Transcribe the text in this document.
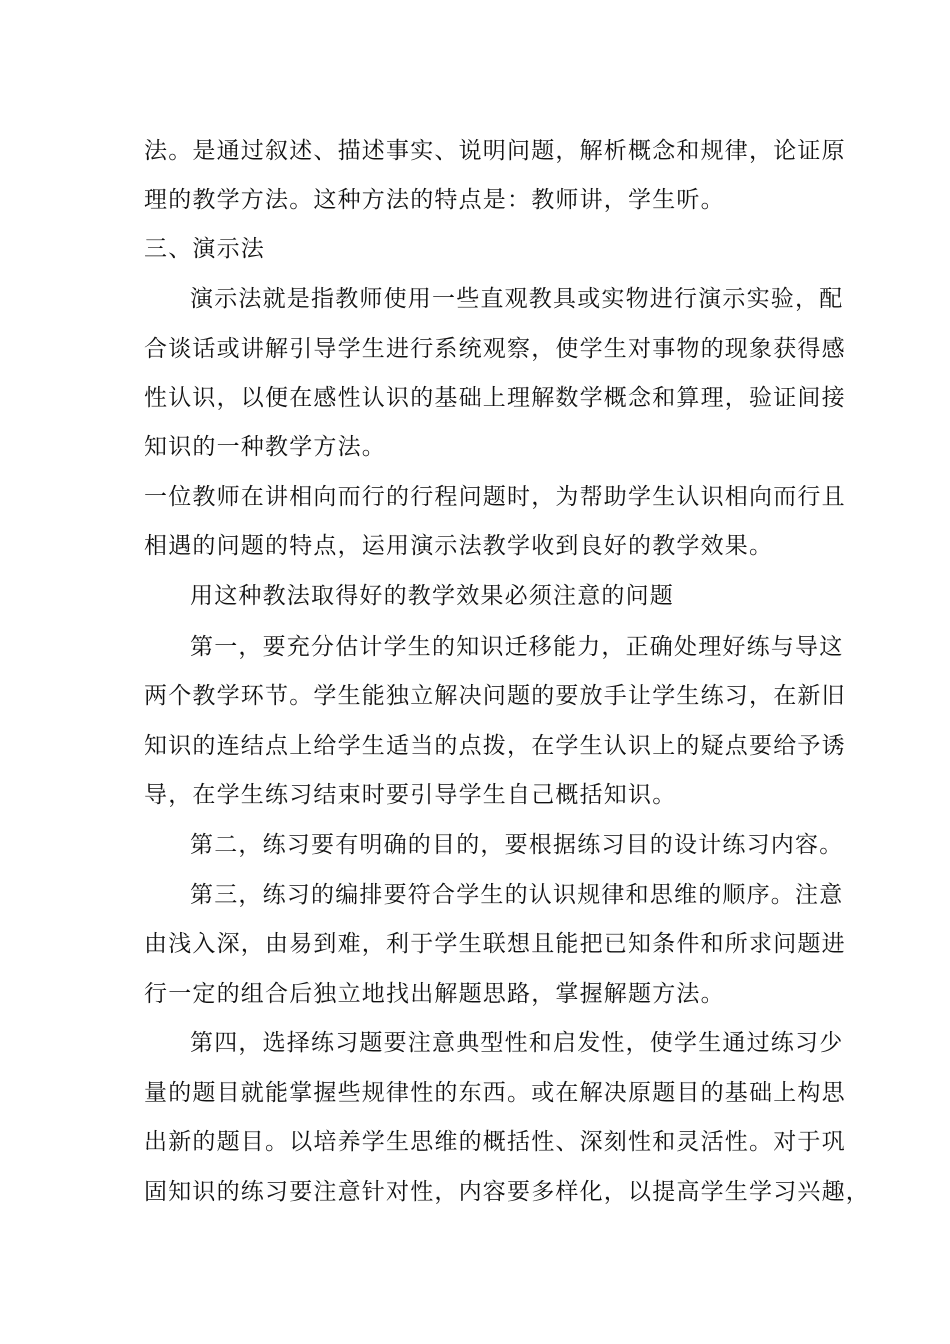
法。是通过叙述、描述事实、说明问题，解析概念和规律，论证原
理的教学方法。这种方法的特点是：教师讲，学生听。
三、演示法
演示法就是指教师使用一些直观教具或实物进行演示实验，配
合谈话或讲解引导学生进行系统观察，使学生对事物的现象获得感
性认识，以便在感性认识的基础上理解数学概念和算理，验证间接
知识的一种教学方法。
一位教师在讲相向而行的行程问题时，为帮助学生认识相向而行且
相遇的问题的特点，运用演示法教学收到良好的教学效果。
用这种教法取得好的教学效果必须注意的问题
第一，要充分估计学生的知识迁移能力，正确处理好练与导这
两个教学环节。学生能独立解决问题的要放手让学生练习，在新旧
知识的连结点上给学生适当的点拨，在学生认识上的疑点要给予诱
导，在学生练习结束时要引导学生自己概括知识。
第二，练习要有明确的目的，要根据练习目的设计练习内容。
第三，练习的编排要符合学生的认识规律和思维的顺序。注意
由浅入深，由易到难，利于学生联想且能把已知条件和所求问题进
行一定的组合后独立地找出解题思路，掌握解题方法。
第四，选择练习题要注意典型性和启发性，使学生通过练习少
量的题目就能掌握些规律性的东西。或在解决原题目的基础上构思
出新的题目。以培养学生思维的概括性、深刻性和灵活性。对于巩
固知识的练习要注意针对性，内容要多样化，以提高学生学习兴趣，
